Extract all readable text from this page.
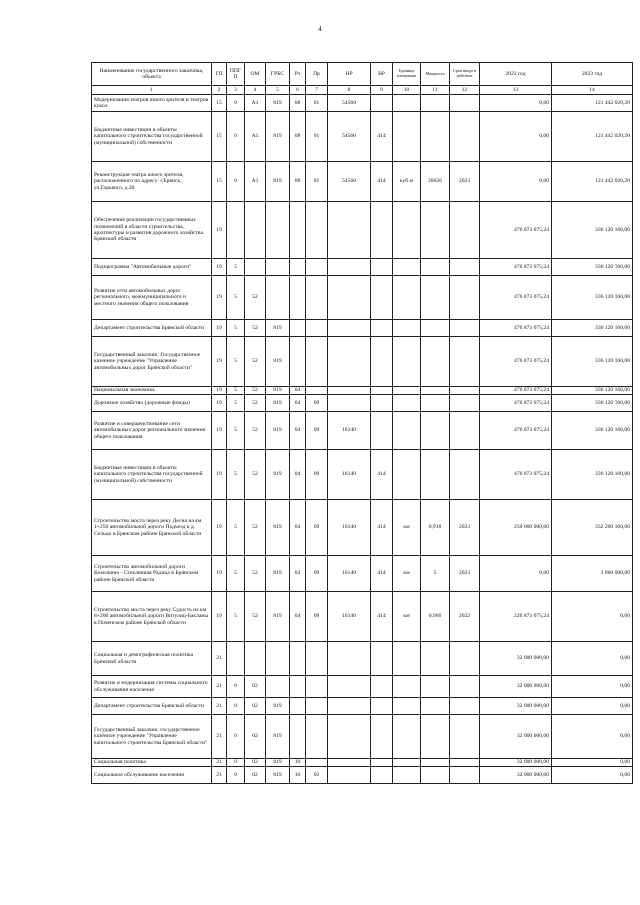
4
Наименование государственного заказчика, объекта	ГП	ППГ П	ОМ	ГРБС	Рз	Пр	НР	ВР	Единица измерения	Мощность	Срок ввода в действие	2022 год	2023 год
1	2	3	4	5	6	7	8	9	10	11	12	13	14
Модернизация театров юного зрителя и театров кукол	15	0	А1	819	08	01	54560					0,00	121 442 020,20
Бюджетные инвестиции в объекты капитального строительства государственной (муниципальной) собственности	15	0	А1	819	08	01	54560	414				0,00	121 442 020,20
Реконструкция театра юного зрителя, расположенного по адресу: г.Брянск, ул.Горького, д.20	15	0	А1	819	08	01	54560	414	куб.м	28026	2023	0,00	121 442 020,20
Обеспечение реализации государственных полномочий в области строительства, архитектуры и развития дорожного хозяйства Брянской области	19											476 873 075,24	336 120 160,00
Подпрограмма "Автомобильные дороги"	19	5										476 873 075,24	336 120 160,00
Развитие сети автомобильных дорог регионального, межмуниципального и местного значения общего пользования	19	5	52									476 873 075,24	336 120 160,00
Департамент строительства Брянской области	19	5	52	819								476 873 075,24	336 120 160,00
Государственный заказчик: Государственное казенное учреждение "Управление автомобильных дорог Брянской области"	19	5	52	819								476 873 075,24	336 120 160,00
Национальная экономика	19	5	52	819	04							476 873 075,24	336 120 160,00
Дорожное хозяйство (дорожные фонды)	19	5	52	819	04	09						476 873 075,24	336 120 160,00
Развитие и совершенствование сети автомобильных дорог регионального значения общего пользования	19	5	52	819	04	09	16140					476 873 075,24	336 120 160,00
Бюджетные инвестиции в объекты капитального строительства государственной (муниципальной) собственности	19	5	52	819	04	09	16140	414				476 873 075,24	336 120 160,00
Строительство моста через реку Десна на км 1+250 автомобильной дороги Подъезд к д. Сельцо в Брянском районе Брянской области	19	5	52	819	04	09	16140	414	км	0,918	2023	250 000 000,00	332 260 160,00
Строительство автомобильной дороги Козелкино - Стеклянная Радица в Брянском районе Брянской области	19	5	52	819	04	09	16140	414	км	5	2023	0,00	3 860 000,00
Строительство моста через реку Судость на км 8+200 автомобильной дороги Витулиц-Бакланы в Почепском районе Брянской области	19	5	52	819	04	09	16140	414	км	0,966	2022	226 873 075,24	0,00
Социальная и демографическая политика Брянской области	21											32 000 000,00	0,00
Развитие и модернизация системы социального обслуживания населения	21	0	02									32 000 000,00	0,00
Департамент строительства Брянской области	21	0	02	819								32 000 000,00	0,00
Государственный заказчик: государственное казённое учреждение "Управление капитального строительства Брянской области"	21	0	02	819								32 000 000,00	0,00
Социальная политика	21	0	02	819	10							32 000 000,00	0,00
Социальное обслуживание населения	21	0	02	819	10	02						32 000 000,00	0,00
